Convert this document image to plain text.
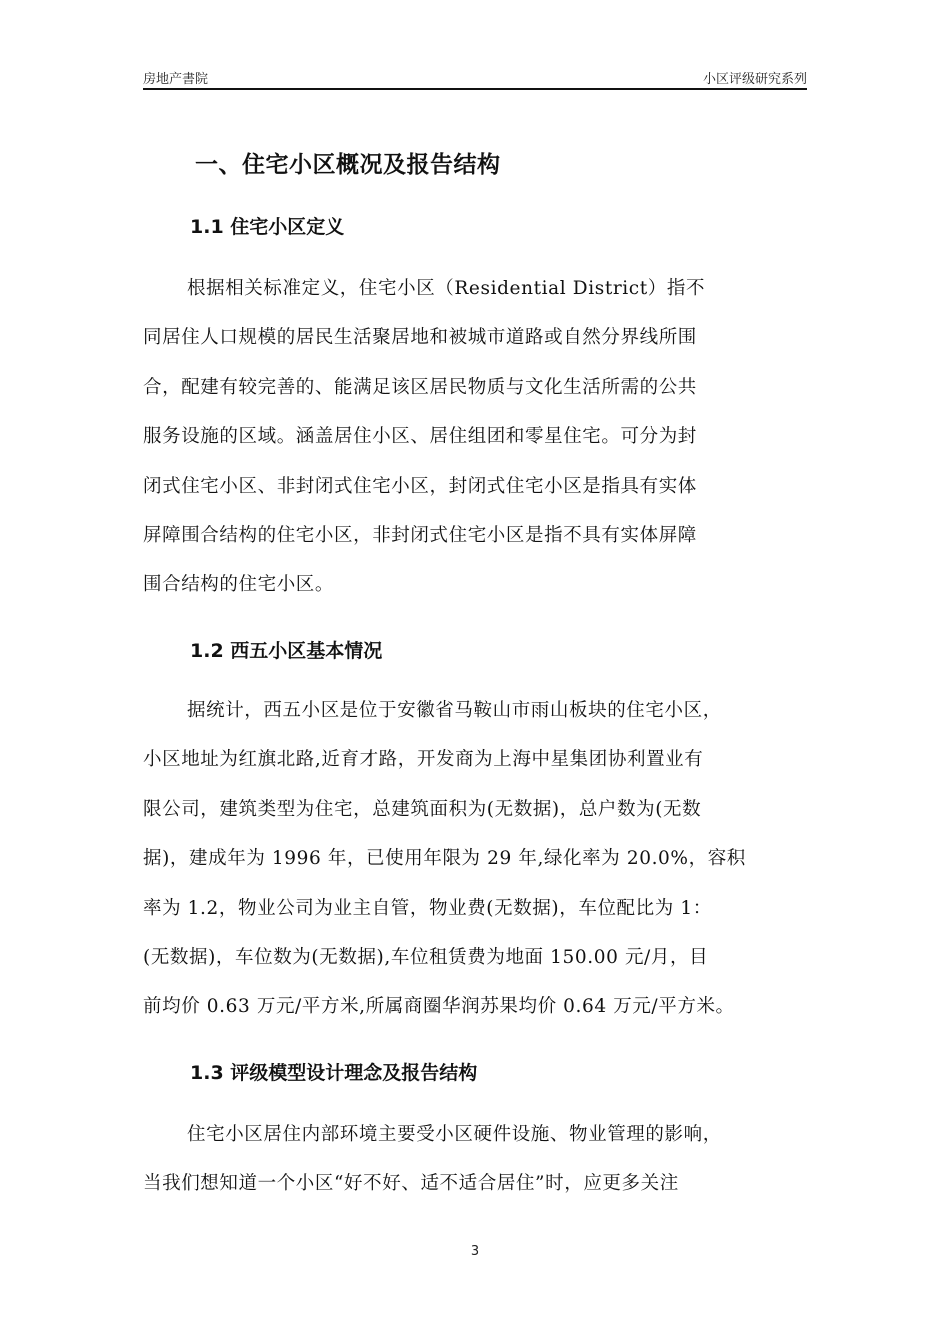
房地产書院	小区评级研究系列
一、住宅小区概况及报告结构
1.1 住宅小区定义
根据相关标准定义，住宅小区（Residential District）指不
同居住人口规模的居民生活聚居地和被城市道路或自然分界线所围
合，配建有较完善的、能满足该区居民物质与文化生活所需的公共
服务设施的区域。涵盖居住小区、居住组团和零星住宅。可分为封
闭式住宅小区、非封闭式住宅小区，封闭式住宅小区是指具有实体
屏障围合结构的住宅小区，非封闭式住宅小区是指不具有实体屏障
围合结构的住宅小区。
1.2 西五小区基本情况
据统计，西五小区是位于安徽省马鞍山市雨山板块的住宅小区，
小区地址为红旗北路,近育才路，开发商为上海中星集团协利置业有
限公司，建筑类型为住宅，总建筑面积为(无数据)，总户数为(无数
据)，建成年为 1996 年，已使用年限为 29 年,绿化率为 20.0%，容积
率为 1.2，物业公司为业主自管，物业费(无数据)，车位配比为 1：
(无数据)，车位数为(无数据),车位租赁费为地面 150.00 元/月，目
前均价 0.63 万元/平方米,所属商圈华润苏果均价 0.64 万元/平方米。
1.3 评级模型设计理念及报告结构
住宅小区居住内部环境主要受小区硬件设施、物业管理的影响，
当我们想知道一个小区“好不好、适不适合居住”时，应更多关注
3
